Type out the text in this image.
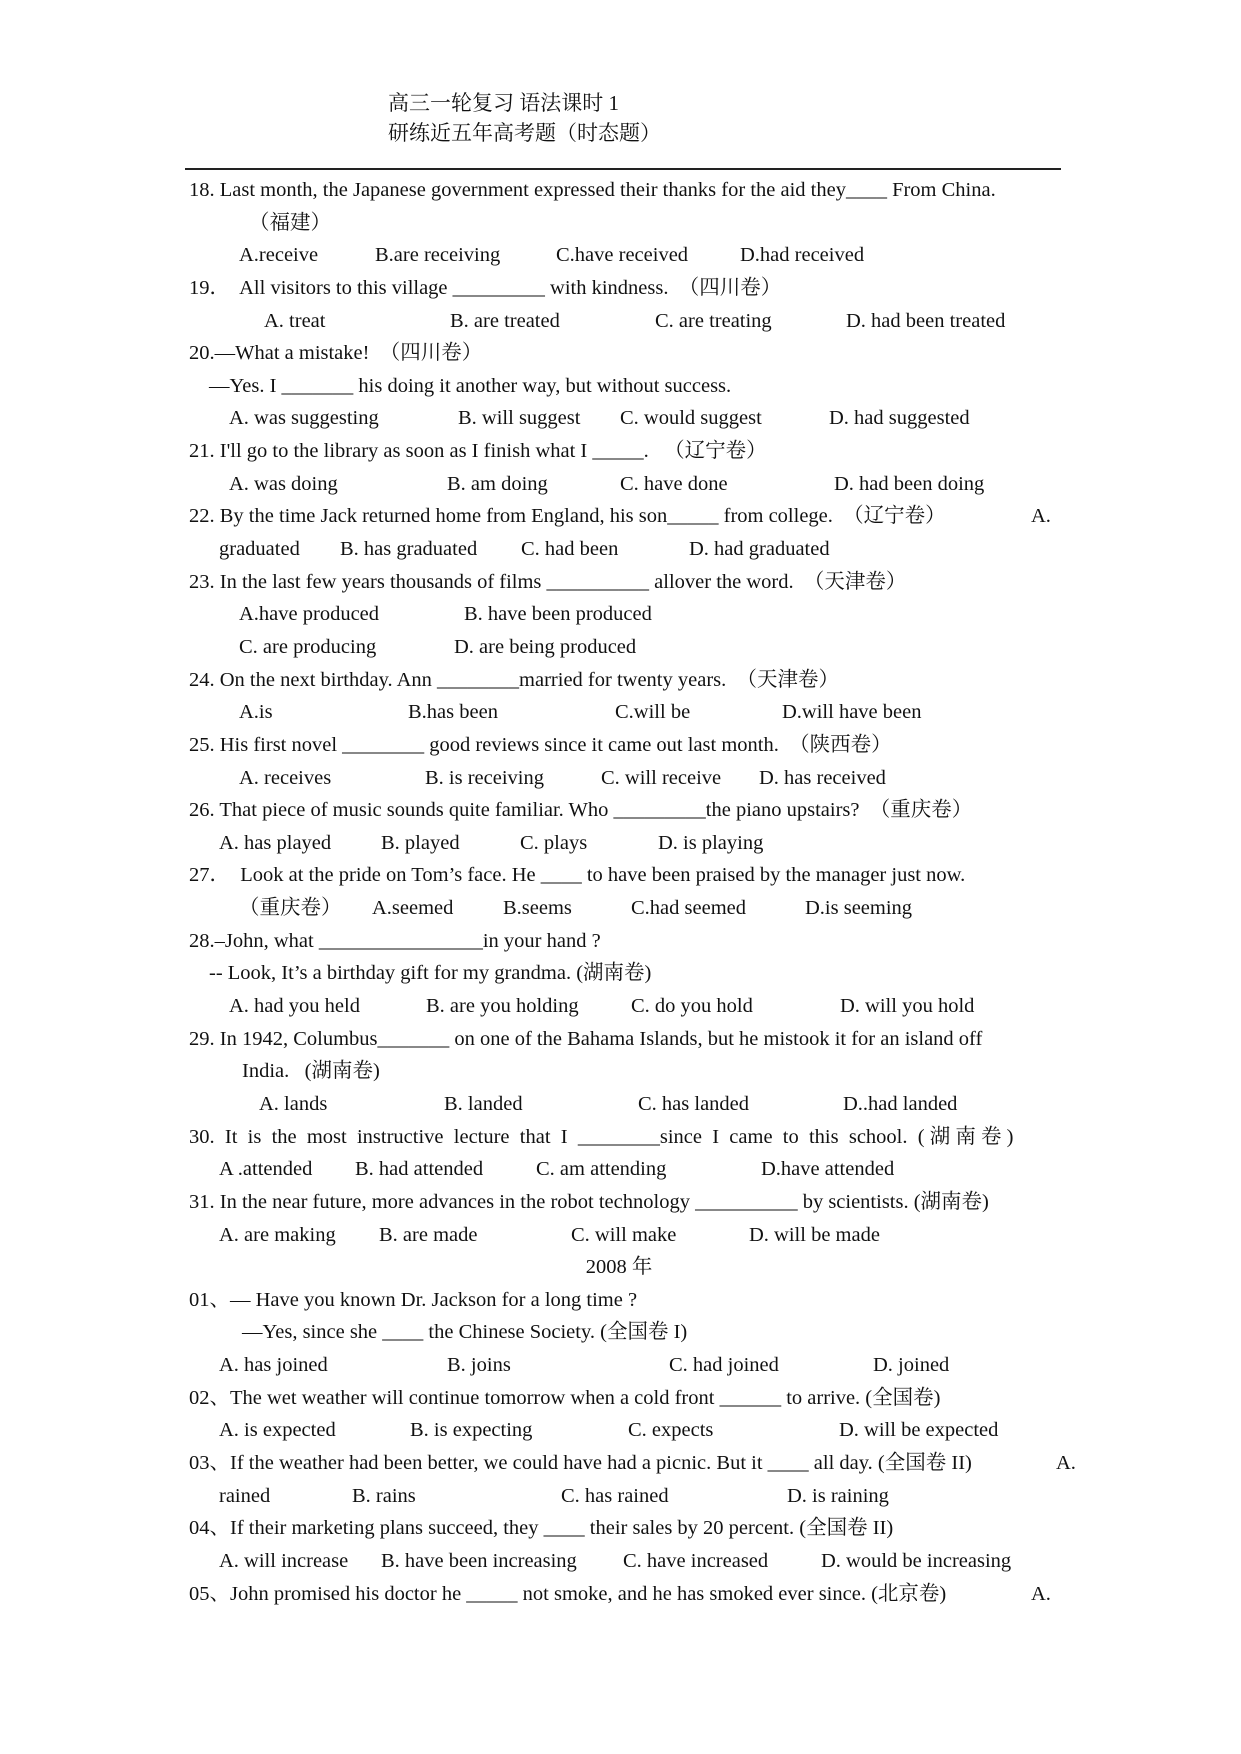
高三一轮复习 语法课时 1
研练近五年高考题（时态题）
18. Last month, the Japanese government expressed their thanks for the aid they____ From China.
（福建）
A.receive	B.are receiving	C.have received	D.had received
19．  All visitors to this village _________ with kindness.  （四川卷）
A. treat	B. are treated	C. are treating	D. had been treated
20.—What a mistake!  （四川卷）
—Yes. I _______ his doing it another way, but without success.
A. was suggesting	B. will suggest C. would suggest	D. had suggested
21. I'll go to the library as soon as I finish what I _____.   （辽宁卷）
A. was doing	B. am doing	C. have done	D. had been doing
22. By the time Jack returned home from England, his son_____ from college.  （辽宁卷）	A.
graduated B. has graduated C. had been	D. had graduated
23. In the last few years thousands of films __________ allover the word.  （天津卷）
A.have produced	B. have been produced
C. are producing	D. are being produced
24. On the next birthday. Ann ________married for twenty years.  （天津卷）
A.is	B.has been	C.will be	D.will have been
25. His first novel ________ good reviews since it came out last month.  （陕西卷）
A. receives	B. is receiving	C. will receive D. has received
26. That piece of music sounds quite familiar. Who _________the piano upstairs?  （重庆卷）
A. has played B. played	C. plays	D. is playing
27．  Look at the pride on Tom’s face. He ____ to have been praised by the manager just now.
（重庆卷） A.seemed B.seems	C.had seemed	D.is seeming
28.–John, what ________________in your hand ?
-- Look, It’s a birthday gift for my grandma. (湖南卷)
A. had you held	B. are you holding	C. do you hold	D. will you hold
29. In 1942, Columbus_______ on one of the Bahama Islands, but he mistook it for an island off
India.   (湖南卷)
A. lands	B. landed	C. has landed	D..had landed
30.  It  is  the  most  instructive  lecture  that  I  ________since  I  came  to  this  school.  ( 湖 南 卷 )
A .attended B. had attended	C. am attending	D.have attended
31. In the near future, more advances in the robot technology __________ by scientists. (湖南卷)
A. are making B. are made	C. will make	D. will be made
2008 年
01、— Have you known Dr. Jackson for a long time ?
—Yes, since she ____ the Chinese Society. (全国卷 I)
A. has joined	B. joins	C. had joined	D. joined
02、The wet weather will continue tomorrow when a cold front ______ to arrive. (全国卷)
A. is expected	B. is expecting	C. expects	D. will be expected
03、If the weather had been better, we could have had a picnic. But it ____ all day. (全国卷 II)	A.
rained	B. rains	C. has rained	D. is raining
04、If their marketing plans succeed, they ____ their sales by 20 percent. (全国卷 II)
A. will increase B. have been increasing C. have increased	D. would be increasing
05、John promised his doctor he _____ not smoke, and he has smoked ever since. (北京卷)	A.
